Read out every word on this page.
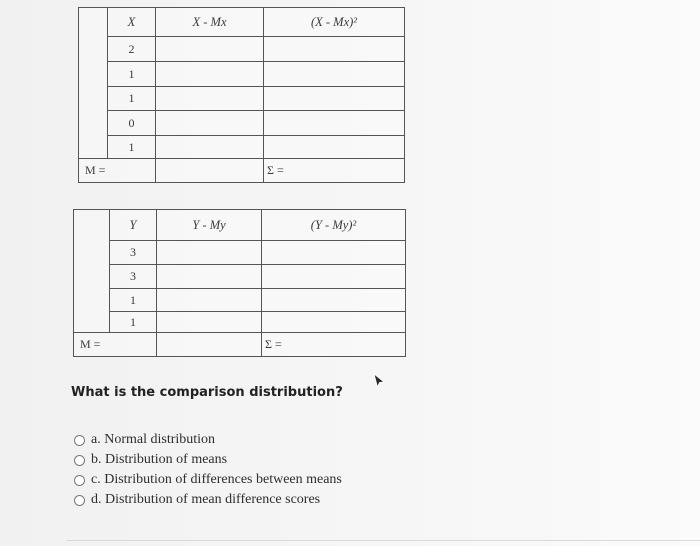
	X	X - Mx	(X - Mx)²
	2		
	1		
	1		
	0		
	1		
M =			Σ =
	Y	Y - My	(Y - My)²
	3		
	3		
	1		
	1		
M =			Σ =

What is the comparison distribution?

a.
Normal distribution
b.
Distribution of means
c.
Distribution of differences between means
d.
Distribution of mean difference scores
